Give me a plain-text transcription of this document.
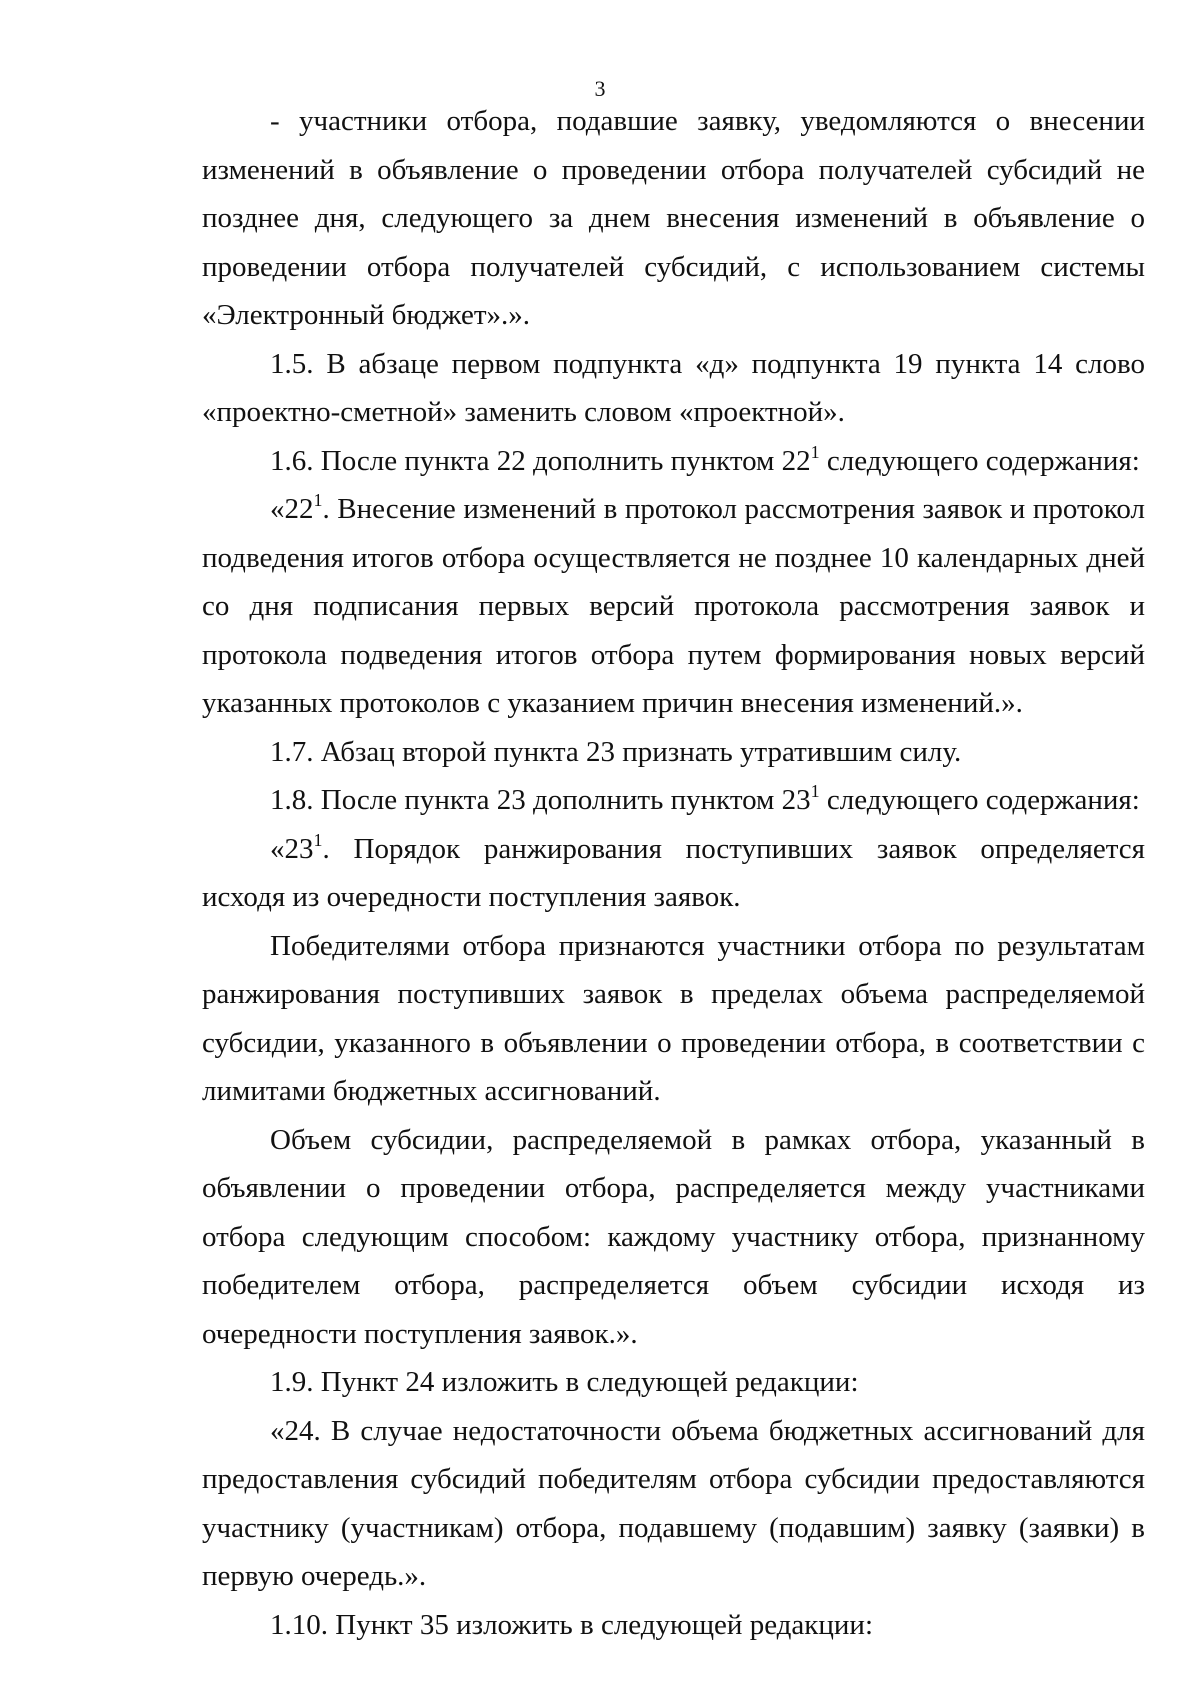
3

- участники отбора, подавшие заявку, уведомляются о внесении изменений в объявление о проведении отбора получателей субсидий не позднее дня, следующего за днем внесения изменений в объявление о проведении отбора получателей субсидий, с использованием системы «Электронный бюджет».».

1.5. В абзаце первом подпункта «д» подпункта 19 пункта 14 слово «проектно-сметной» заменить словом «проектной».

1.6. После пункта 22 дополнить пунктом $22^1$ следующего содержания:

«$22^1$. Внесение изменений в протокол рассмотрения заявок и протокол подведения итогов отбора осуществляется не позднее 10 календарных дней со дня подписания первых версий протокола рассмотрения заявок и протокола подведения итогов отбора путем формирования новых версий указанных протоколов с указанием причин внесения изменений.».

1.7. Абзац второй пункта 23 признать утратившим силу.

1.8. После пункта 23 дополнить пунктом $23^1$ следующего содержания:

«$23^1$. Порядок ранжирования поступивших заявок определяется исходя из очередности поступления заявок.

Победителями отбора признаются участники отбора по результатам ранжирования поступивших заявок в пределах объема распределяемой субсидии, указанного в объявлении о проведении отбора, в соответствии с лимитами бюджетных ассигнований.

Объем субсидии, распределяемой в рамках отбора, указанный в объявлении о проведении отбора, распределяется между участниками отбора следующим способом: каждому участнику отбора, признанному победителем отбора, распределяется объем субсидии исходя из очередности поступления заявок.».

1.9. Пункт 24 изложить в следующей редакции:

«24. В случае недостаточности объема бюджетных ассигнований для предоставления субсидий победителям отбора субсидии предоставляются участнику (участникам) отбора, подавшему (подавшим) заявку (заявки) в первую очередь.».

1.10. Пункт 35 изложить в следующей редакции:
